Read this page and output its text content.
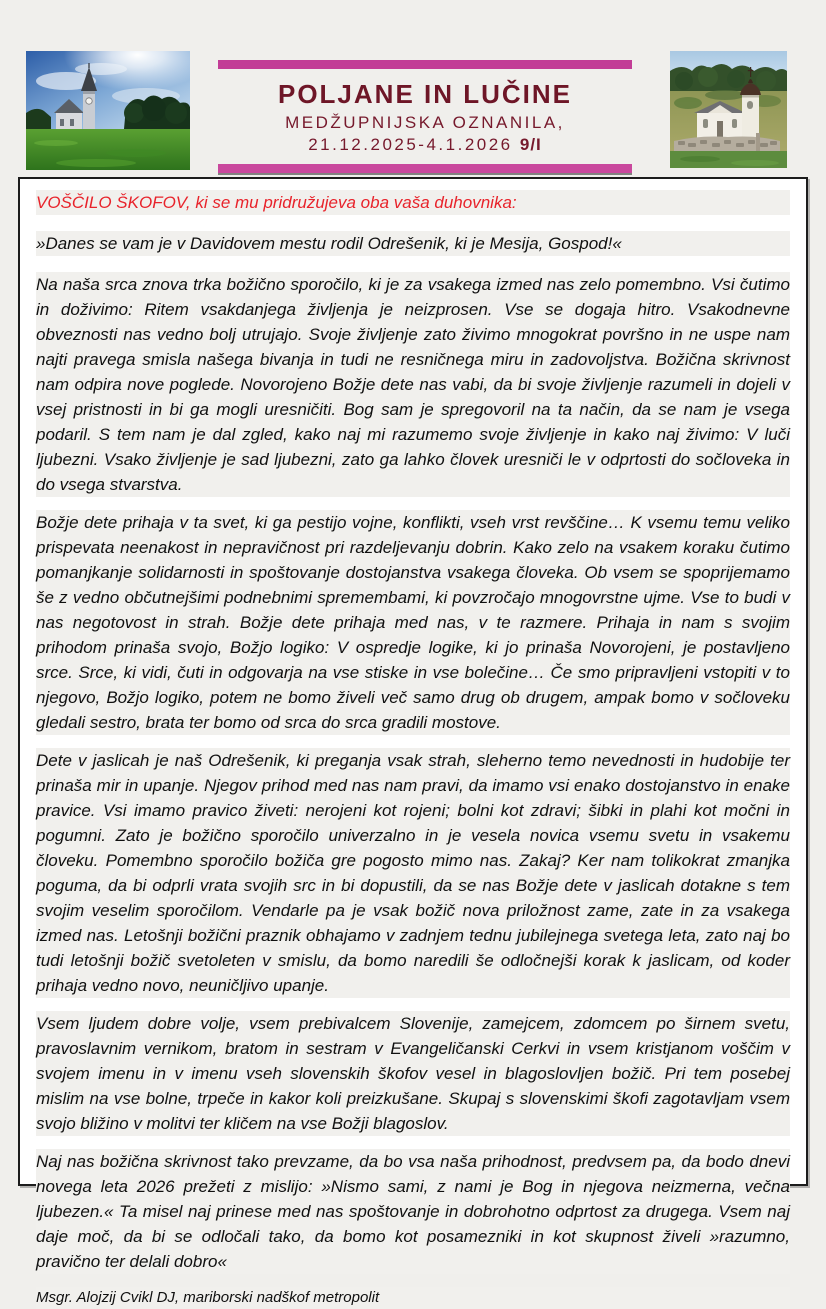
POLJANE IN LUČINE
MEDŽUPNIJSKA OZNANILA, 21.12.2025-4.1.2026 9/I

VOŠČILO ŠKOFOV, ki se mu pridružujeva oba vaša duhovnika:

»Danes se vam je v Davidovem mestu rodil Odrešenik, ki je Mesija, Gospod!«

Na naša srca znova trka božično sporočilo, ki je za vsakega izmed nas zelo pomembno. Vsi čutimo in doživimo: Ritem vsakdanjega življenja je neizprosen. Vse se dogaja hitro. Vsakodnevne obveznosti nas vedno bolj utrujajo. Svoje življenje zato živimo mnogokrat površno in ne uspe nam najti pravega smisla našega bivanja in tudi ne resničnega miru in zadovoljstva. Božična skrivnost nam odpira nove poglede. Novorojeno Božje dete nas vabi, da bi svoje življenje razumeli in dojeli v vsej pristnosti in bi ga mogli uresničiti. Bog sam je spregovoril na ta način, da se nam je vsega podaril. S tem nam je dal zgled, kako naj mi razumemo svoje življenje in kako naj živimo: V luči ljubezni. Vsako življenje je sad ljubezni, zato ga lahko človek uresniči le v odprtosti do sočloveka in do vsega stvarstva.

Božje dete prihaja v ta svet, ki ga pestijo vojne, konflikti, vseh vrst revščine… K vsemu temu veliko prispevata neenakost in nepravičnost pri razdeljevanju dobrin. Kako zelo na vsakem koraku čutimo pomanjkanje solidarnosti in spoštovanje dostojanstva vsakega človeka. Ob vsem se spoprijemamo še z vedno občutnejšimi podnebnimi spremembami, ki povzročajo mnogovrstne ujme. Vse to budi v nas negotovost in strah. Božje dete prihaja med nas, v te razmere. Prihaja in nam s svojim prihodom prinaša svojo, Božjo logiko: V ospredje logike, ki jo prinaša Novorojeni, je postavljeno srce. Srce, ki vidi, čuti in odgovarja na vse stiske in vse bolečine… Če smo pripravljeni vstopiti v to njegovo, Božjo logiko, potem ne bomo živeli več samo drug ob drugem, ampak bomo v sočloveku gledali sestro, brata ter bomo od srca do srca gradili mostove.

Dete v jaslicah je naš Odrešenik, ki preganja vsak strah, sleherno temo nevednosti in hudobije ter prinaša mir in upanje. Njegov prihod med nas nam pravi, da imamo vsi enako dostojanstvo in enake pravice. Vsi imamo pravico živeti: nerojeni kot rojeni; bolni kot zdravi; šibki in plahi kot močni in pogumni. Zato je božično sporočilo univerzalno in je vesela novica vsemu svetu in vsakemu človeku. Pomembno sporočilo božiča gre pogosto mimo nas. Zakaj? Ker nam tolikokrat zmanjka poguma, da bi odprli vrata svojih src in bi dopustili, da se nas Božje dete v jaslicah dotakne s tem svojim veselim sporočilom. Vendarle pa je vsak božič nova priložnost zame, zate in za vsakega izmed nas. Letošnji božični praznik obhajamo v zadnjem tednu jubilejnega svetega leta, zato naj bo tudi letošnji božič svetoleten v smislu, da bomo naredili še odločnejši korak k jaslicam, od koder prihaja vedno novo, neuničljivo upanje.

Vsem ljudem dobre volje, vsem prebivalcem Slovenije, zamejcem, zdomcem po širnem svetu, pravoslavnim vernikom, bratom in sestram v Evangeličanski Cerkvi in vsem kristjanom voščim v svojem imenu in v imenu vseh slovenskih škofov vesel in blagoslovljen božič. Pri tem posebej mislim na vse bolne, trpeče in kakor koli preizkušane. Skupaj s slovenskimi škofi zagotavljam vsem svojo bližino v molitvi ter kličem na vse Božji blagoslov.

Naj nas božična skrivnost tako prevzame, da bo vsa naša prihodnost, predvsem pa, da bodo dnevi novega leta 2026 prežeti z mislijo: »Nismo sami, z nami je Bog in njegova neizmerna, večna ljubezen.« Ta misel naj prinese med nas spoštovanje in dobrohotno odprtost za drugega. Vsem naj daje moč, da bi se odločali tako, da bomo kot posamezniki in kot skupnost živeli »razumno, pravično ter delali dobro«

Msgr. Alojzij Cvikl DJ, mariborski nadškof metropolit
